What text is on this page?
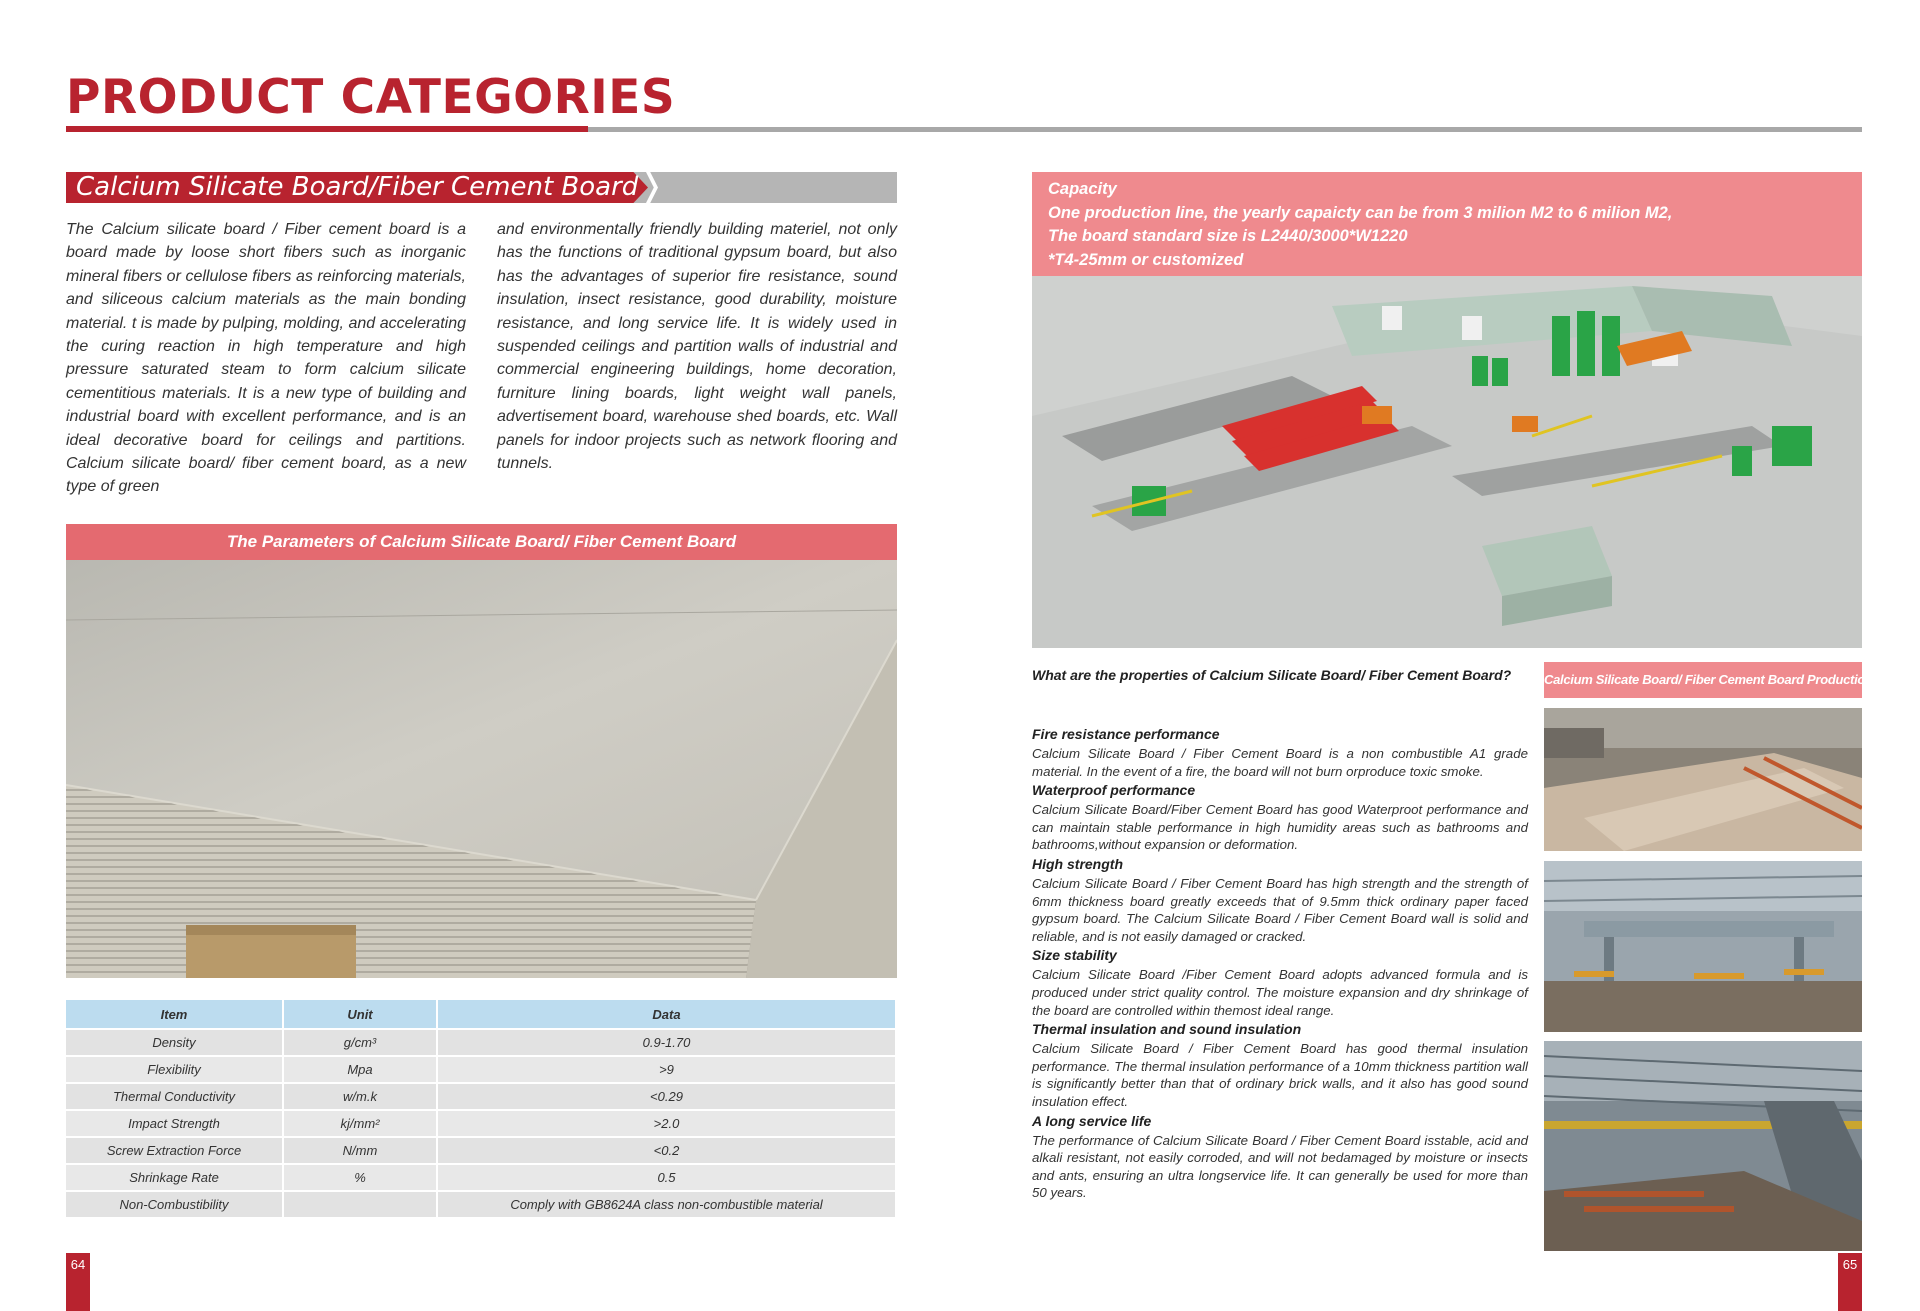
PRODUCT CATEGORIES
Calcium Silicate Board/Fiber Cement Board

The Calcium silicate board / Fiber cement board is a board made by loose short fibers such as inorganic mineral fibers or cellulose fibers as reinforcing materials, and siliceous calcium materials as the main bonding material. t is made by pulping, molding, and accelerating the curing reaction in high temperature and high pressure saturated steam to form calcium silicate cementitious materials. It is a new type of building and industrial board with excellent performance, and is an ideal decorative board for ceilings and partitions. Calcium silicate board/ fiber cement board, as a new type of green

and environmentally friendly building materiel, not only has the functions of traditional gypsum board, but also has the advantages of superior fire resistance, sound insulation, insect resistance, good durability, moisture resistance, and long service life. It is widely used in suspended ceilings and partition walls of industrial and commercial engineering buildings, home decoration, furniture lining boards, light weight wall panels, advertisement board, warehouse shed boards, etc. Wall panels for indoor projects such as network flooring and tunnels.

The Parameters of Calcium Silicate Board/ Fiber Cement Board
Item	Unit	Data
Density	g/cm³	0.9-1.70
Flexibility	Mpa	>9
Thermal Conductivity	w/m.k	<0.29
Impact Strength	kj/mm²	>2.0
Screw Extraction Force	N/mm	<0.2
Shrinkage Rate	%	0.5
Non-Combustibility		Comply with GB8624A class non-combustible material
64
Capacity
One production line, the yearly capaicty can be from 3 milion M2 to 6 milion M2,
The board standard size is L2440/3000*W1220
*T4-25mm or customized

What are the properties of Calcium Silicate Board/ Fiber Cement Board?

Fire resistance performance

Calcium Silicate Board / Fiber Cement Board is a non combustible A1 grade material. In the event of a fire, the board will not burn orproduce toxic smoke.

Waterproof performance

Calcium Silicate Board/Fiber Cement Board has good Waterproot performance and can maintain stable performance in high humidity areas such as bathrooms and bathrooms,without expansion or deformation.

High strength

Calcium Silicate Board / Fiber Cement Board has high strength and the strength of 6mm thickness board greatly exceeds that of 9.5mm thick ordinary paper faced gypsum board. The Calcium Silicate Board / Fiber Cement Board wall is solid and reliable, and is not easily damaged or cracked.

Size stability

Calcium Silicate Board /Fiber Cement Board adopts advanced formula and is produced under strict quality control. The moisture expansion and dry shrinkage of the board are controlled within themost ideal range.

Thermal insulation and sound insulation

Calcium Silicate Board / Fiber Cement Board has good thermal insulation performance. The thermal insulation performance of a 10mm thickness partition wall is significantly better than that of ordinary brick walls, and it also has good sound insulation effect.

A long service life

The performance of Calcium Silicate Board / Fiber Cement Board isstable, acid and alkali resistant, not easily corroded, and will not bedamaged by moisture or insects and ants, ensuring an ultra longservice life. It can generally be used for more than 50 years.

Calcium Silicate Board/ Fiber Cement Board Production Line
65
